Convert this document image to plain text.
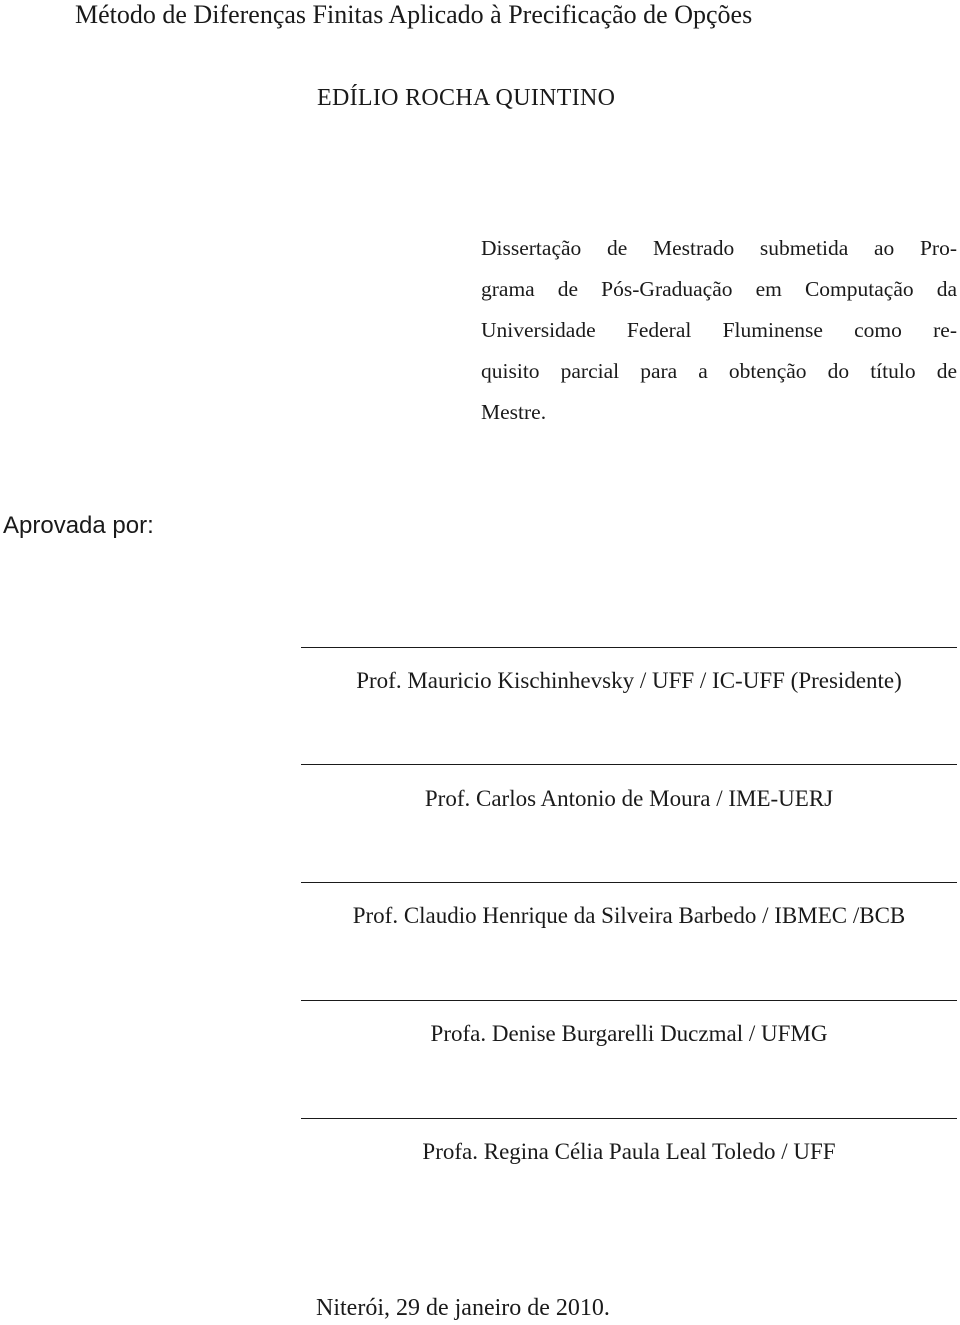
Método de Diferenças Finitas Aplicado à Precificação de Opções
EDÍLIO ROCHA QUINTINO
Dissertação de Mestrado submetida ao Pro-
grama de Pós-Graduação em Computação da
Universidade Federal Fluminense como re-
quisito parcial para a obtenção do título de
Mestre.
Aprovada por:
Prof. Mauricio Kischinhevsky / UFF / IC-UFF (Presidente)
Prof. Carlos Antonio de Moura / IME-UERJ
Prof. Claudio Henrique da Silveira Barbedo / IBMEC /BCB
Profa. Denise Burgarelli Duczmal / UFMG
Profa. Regina Célia Paula Leal Toledo / UFF
Niterói, 29 de janeiro de 2010.
